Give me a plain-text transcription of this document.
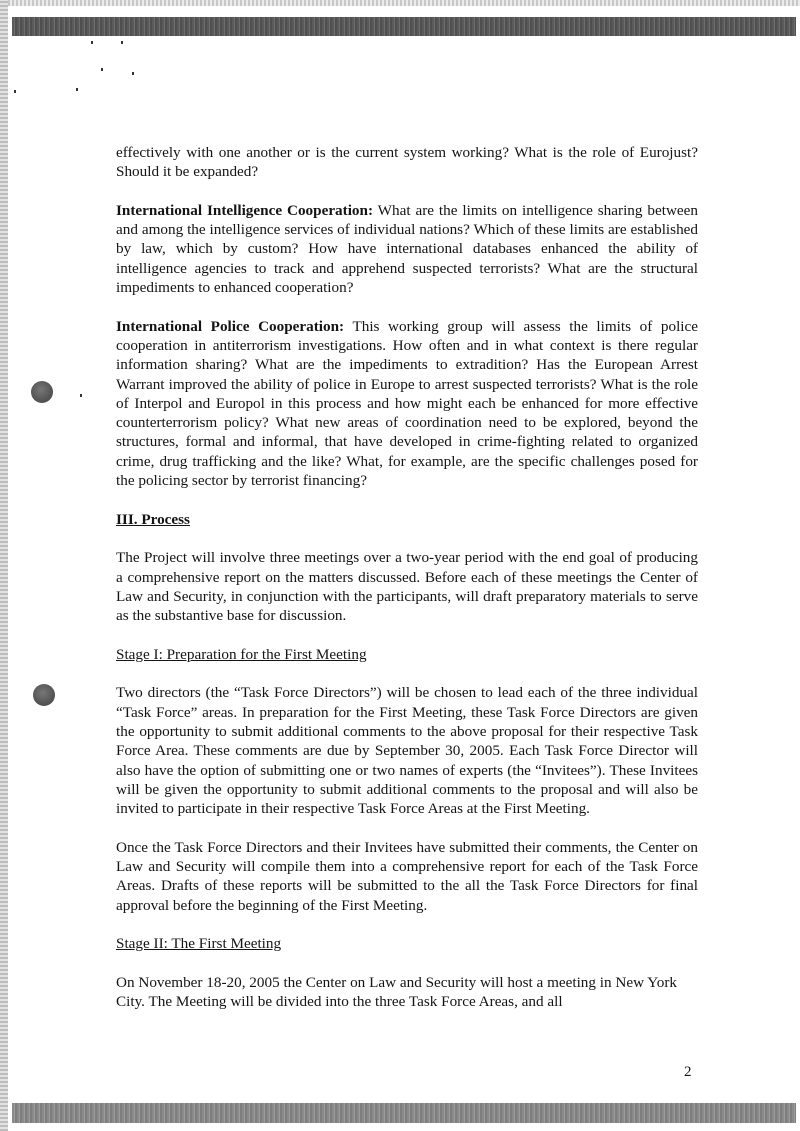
effectively with one another or is the current system working? What is the role of Eurojust? Should it be expanded?

International Intelligence Cooperation: What are the limits on intelligence sharing between and among the intelligence services of individual nations? Which of these limits are established by law, which by custom? How have international databases enhanced the ability of intelligence agencies to track and apprehend suspected terrorists? What are the structural impediments to enhanced cooperation?

International Police Cooperation: This working group will assess the limits of police cooperation in antiterrorism investigations. How often and in what context is there regular information sharing? What are the impediments to extradition? Has the European Arrest Warrant improved the ability of police in Europe to arrest suspected terrorists? What is the role of Interpol and Europol in this process and how might each be enhanced for more effective counterterrorism policy? What new areas of coordination need to be explored, beyond the structures, formal and informal, that have developed in crime-fighting related to organized crime, drug trafficking and the like? What, for example, are the specific challenges posed for the policing sector by terrorist financing?

III. Process

The Project will involve three meetings over a two-year period with the end goal of producing a comprehensive report on the matters discussed. Before each of these meetings the Center of Law and Security, in conjunction with the participants, will draft preparatory materials to serve as the substantive base for discussion.

Stage I: Preparation for the First Meeting

Two directors (the “Task Force Directors”) will be chosen to lead each of the three individual “Task Force” areas. In preparation for the First Meeting, these Task Force Directors are given the opportunity to submit additional comments to the above proposal for their respective Task Force Area. These comments are due by September 30, 2005. Each Task Force Director will also have the option of submitting one or two names of experts (the “Invitees”). These Invitees will be given the opportunity to submit additional comments to the proposal and will also be invited to participate in their respective Task Force Areas at the First Meeting.

Once the Task Force Directors and their Invitees have submitted their comments, the Center on Law and Security will compile them into a comprehensive report for each of the Task Force Areas. Drafts of these reports will be submitted to the all the Task Force Directors for final approval before the beginning of the First Meeting.

Stage II: The First Meeting

On November 18-20, 2005 the Center on Law and Security will host a meeting in New York City. The Meeting will be divided into the three Task Force Areas, and all

2
